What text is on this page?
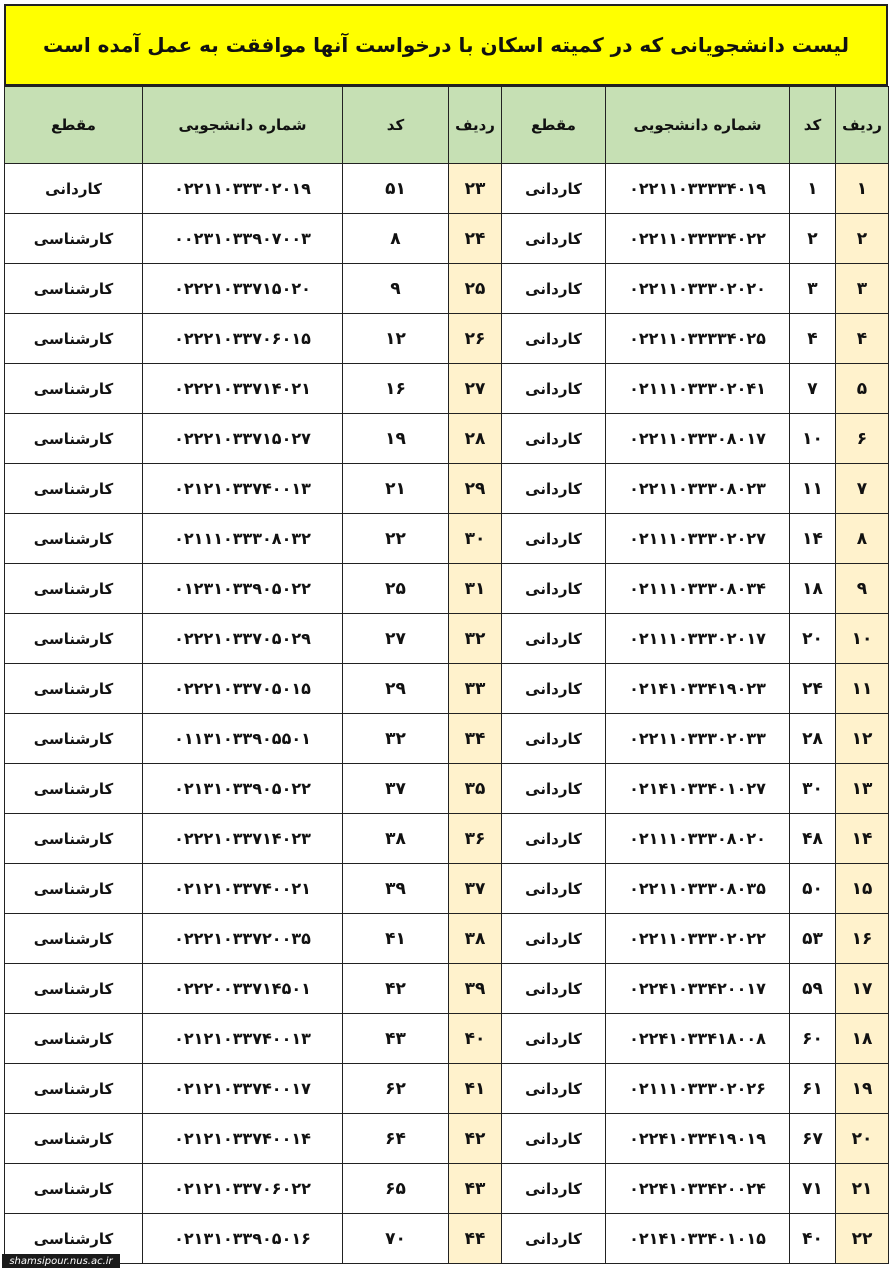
لیست دانشجویانی که در کمیته اسکان با درخواست آنها موافقت به عمل آمده است
ردیف	کد	شماره دانشجویی	مقطع	ردیف	کد	شماره دانشجویی	مقطع
۱	۱	۰۲۲۱۱۰۳۳۳۳۴۰۱۹	کاردانی	۲۳	۵۱	۰۲۲۱۱۰۳۳۳۰۲۰۱۹	کاردانی
۲	۲	۰۲۲۱۱۰۳۳۳۳۴۰۲۲	کاردانی	۲۴	۸	۰۰۲۳۱۰۳۳۹۰۷۰۰۳	کارشناسی
۳	۳	۰۲۲۱۱۰۳۳۳۰۲۰۲۰	کاردانی	۲۵	۹	۰۲۲۲۱۰۳۳۷۱۵۰۲۰	کارشناسی
۴	۴	۰۲۲۱۱۰۳۳۳۳۴۰۲۵	کاردانی	۲۶	۱۲	۰۲۲۲۱۰۳۳۷۰۶۰۱۵	کارشناسی
۵	۷	۰۲۱۱۱۰۳۳۳۰۲۰۴۱	کاردانی	۲۷	۱۶	۰۲۲۲۱۰۳۳۷۱۴۰۲۱	کارشناسی
۶	۱۰	۰۲۲۱۱۰۳۳۳۰۸۰۱۷	کاردانی	۲۸	۱۹	۰۲۲۲۱۰۳۳۷۱۵۰۲۷	کارشناسی
۷	۱۱	۰۲۲۱۱۰۳۳۳۰۸۰۲۳	کاردانی	۲۹	۲۱	۰۲۱۲۱۰۳۳۷۴۰۰۱۳	کارشناسی
۸	۱۴	۰۲۱۱۱۰۳۳۳۰۲۰۲۷	کاردانی	۳۰	۲۲	۰۲۱۱۱۰۳۳۳۰۸۰۳۲	کارشناسی
۹	۱۸	۰۲۱۱۱۰۳۳۳۰۸۰۳۴	کاردانی	۳۱	۲۵	۰۱۲۳۱۰۳۳۹۰۵۰۲۲	کارشناسی
۱۰	۲۰	۰۲۱۱۱۰۳۳۳۰۲۰۱۷	کاردانی	۳۲	۲۷	۰۲۲۲۱۰۳۳۷۰۵۰۲۹	کارشناسی
۱۱	۲۴	۰۲۱۴۱۰۳۳۴۱۹۰۲۳	کاردانی	۳۳	۲۹	۰۲۲۲۱۰۳۳۷۰۵۰۱۵	کارشناسی
۱۲	۲۸	۰۲۲۱۱۰۳۳۳۰۲۰۳۳	کاردانی	۳۴	۳۲	۰۱۱۳۱۰۳۳۹۰۵۵۰۱	کارشناسی
۱۳	۳۰	۰۲۱۴۱۰۳۳۴۰۱۰۲۷	کاردانی	۳۵	۳۷	۰۲۱۳۱۰۳۳۹۰۵۰۲۲	کارشناسی
۱۴	۴۸	۰۲۱۱۱۰۳۳۳۰۸۰۲۰	کاردانی	۳۶	۳۸	۰۲۲۲۱۰۳۳۷۱۴۰۲۳	کارشناسی
۱۵	۵۰	۰۲۲۱۱۰۳۳۳۰۸۰۳۵	کاردانی	۳۷	۳۹	۰۲۱۲۱۰۳۳۷۴۰۰۲۱	کارشناسی
۱۶	۵۳	۰۲۲۱۱۰۳۳۳۰۲۰۲۲	کاردانی	۳۸	۴۱	۰۲۲۲۱۰۳۳۷۲۰۰۳۵	کارشناسی
۱۷	۵۹	۰۲۲۴۱۰۳۳۴۲۰۰۱۷	کاردانی	۳۹	۴۲	۰۲۲۲۰۰۳۳۷۱۴۵۰۱	کارشناسی
۱۸	۶۰	۰۲۲۴۱۰۳۳۴۱۸۰۰۸	کاردانی	۴۰	۴۳	۰۲۱۲۱۰۳۳۷۴۰۰۱۳	کارشناسی
۱۹	۶۱	۰۲۱۱۱۰۳۳۳۰۲۰۲۶	کاردانی	۴۱	۶۲	۰۲۱۲۱۰۳۳۷۴۰۰۱۷	کارشناسی
۲۰	۶۷	۰۲۲۴۱۰۳۳۴۱۹۰۱۹	کاردانی	۴۲	۶۴	۰۲۱۲۱۰۳۳۷۴۰۰۱۴	کارشناسی
۲۱	۷۱	۰۲۲۴۱۰۳۳۴۲۰۰۲۴	کاردانی	۴۳	۶۵	۰۲۱۲۱۰۳۳۷۰۶۰۲۲	کارشناسی
۲۲	۴۰	۰۲۱۴۱۰۳۳۴۰۱۰۱۵	کاردانی	۴۴	۷۰	۰۲۱۳۱۰۳۳۹۰۵۰۱۶	کارشناسی
shamsipour.nus.ac.ir
